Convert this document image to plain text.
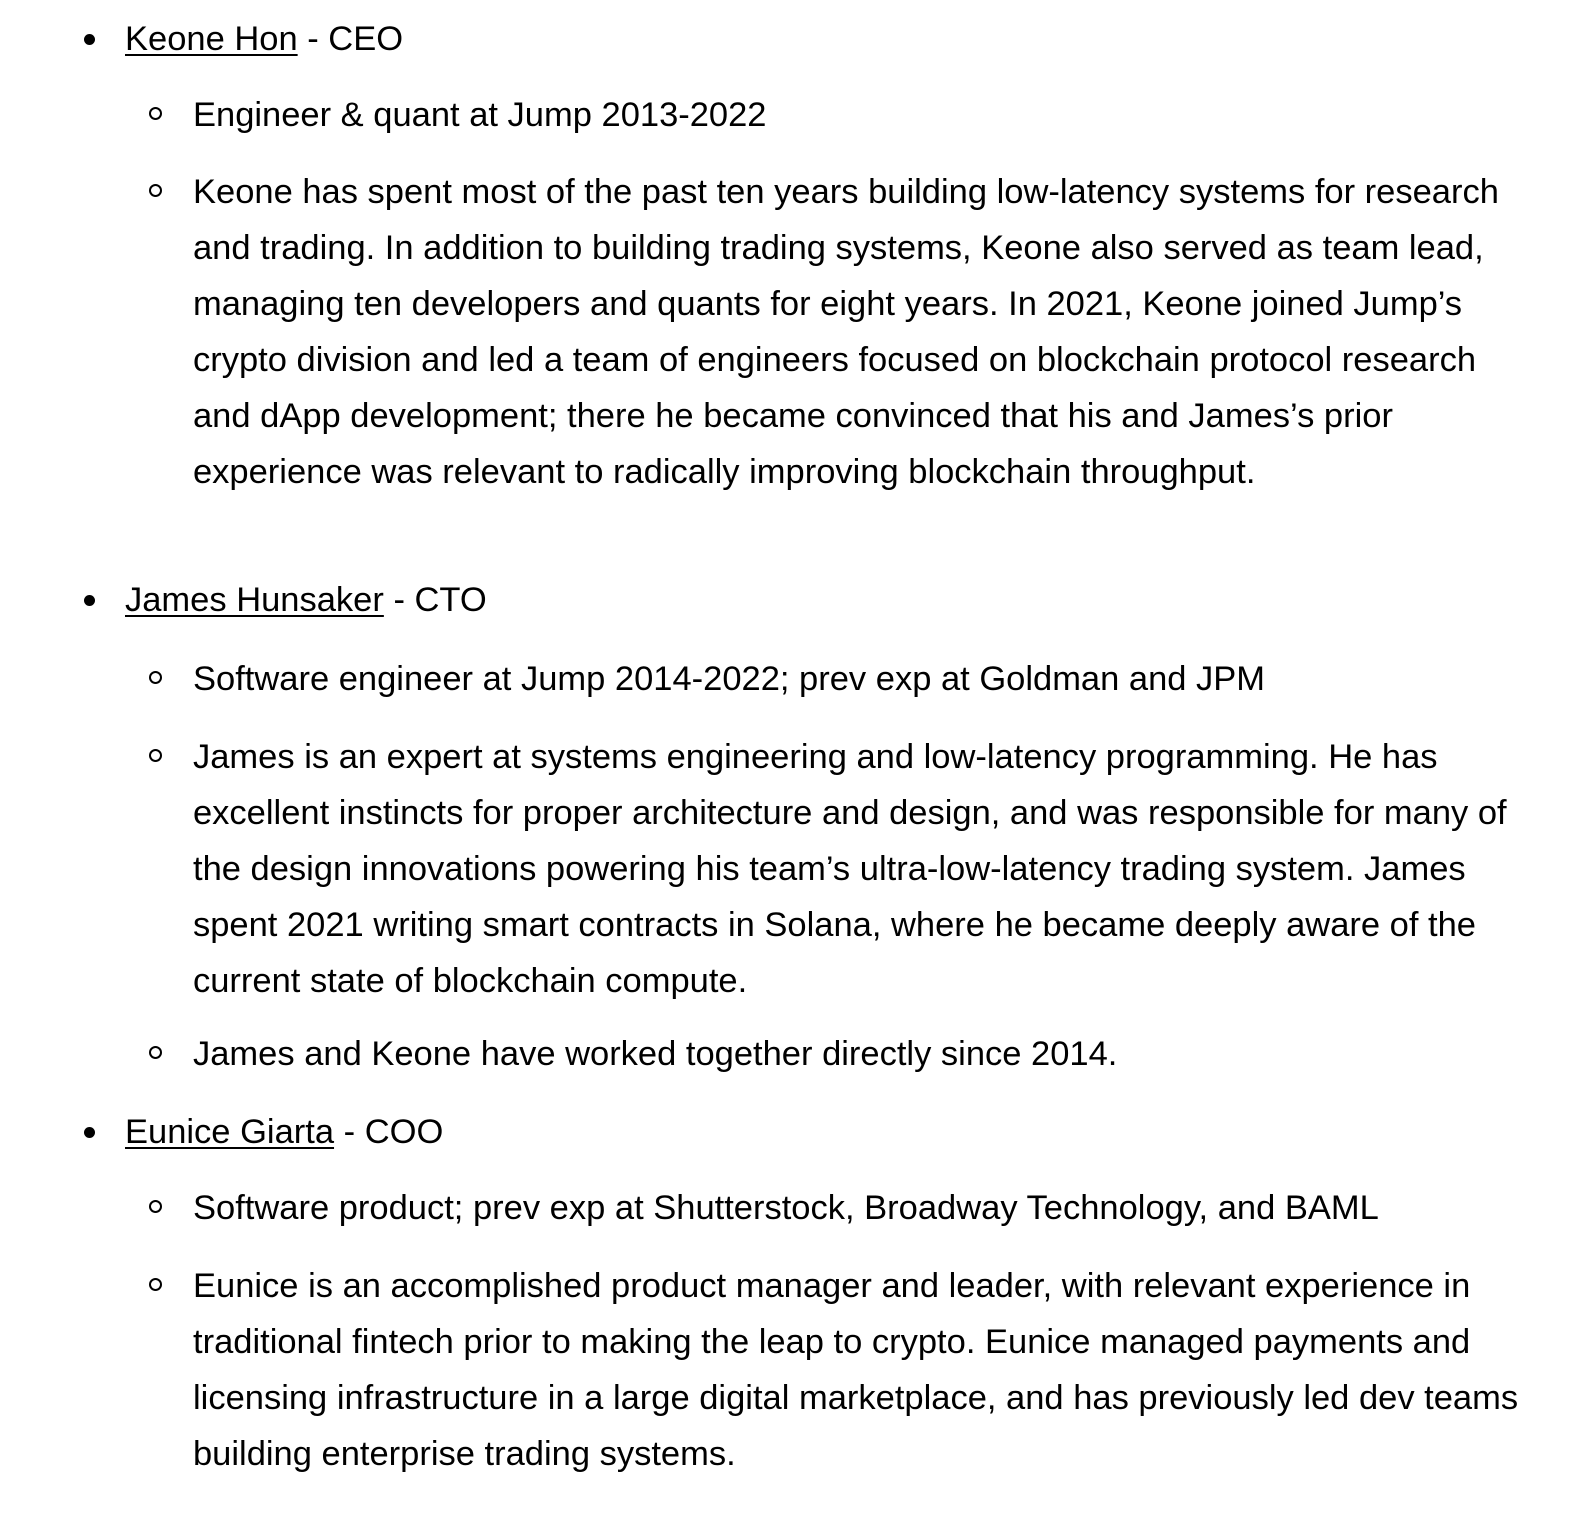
Keone Hon - CEO
Engineer & quant at Jump 2013-2022
Keone has spent most of the past ten years building low-latency systems for research and trading. In addition to building trading systems, Keone also served as team lead, managing ten developers and quants for eight years. In 2021, Keone joined Jump’s crypto division and led a team of engineers focused on blockchain protocol research and dApp development; there he became convinced that his and James’s prior experience was relevant to radically improving blockchain throughput.
James Hunsaker - CTO
Software engineer at Jump 2014-2022; prev exp at Goldman and JPM
James is an expert at systems engineering and low-latency programming. He has excellent instincts for proper architecture and design, and was responsible for many of the design innovations powering his team’s ultra-low-latency trading system. James spent 2021 writing smart contracts in Solana, where he became deeply aware of the current state of blockchain compute.
James and Keone have worked together directly since 2014.
Eunice Giarta - COO
Software product; prev exp at Shutterstock, Broadway Technology, and BAML
Eunice is an accomplished product manager and leader, with relevant experience in traditional fintech prior to making the leap to crypto. Eunice managed payments and licensing infrastructure in a large digital marketplace, and has previously led dev teams building enterprise trading systems.
